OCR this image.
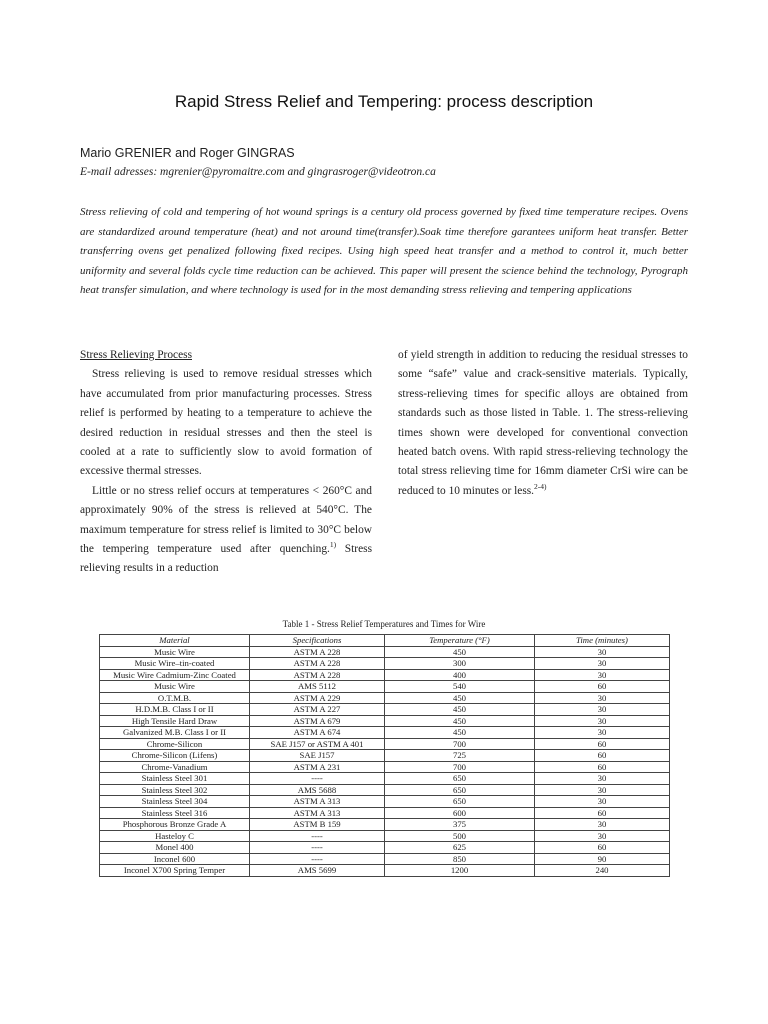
Rapid Stress Relief and Tempering: process description
Mario GRENIER and Roger GINGRAS
E-mail adresses: mgrenier@pyromaitre.com and gingrasroger@videotron.ca
Stress relieving of cold and tempering of hot wound springs is a century old process governed by fixed time temperature recipes. Ovens are standardized around temperature (heat) and not around time(transfer).Soak time therefore garantees uniform heat transfer. Better transferring ovens get penalized following fixed recipes. Using high speed heat transfer and a method to control it, much better uniformity and several folds cycle time reduction can be achieved. This paper will present the science behind the technology, Pyrograph heat transfer simulation, and where technology is used for in the most demanding stress relieving and tempering applications
Stress Relieving Process

Stress relieving is used to remove residual stresses which have accumulated from prior manufacturing processes. Stress relief is performed by heating to a temperature to achieve the desired reduction in residual stresses and then the steel is cooled at a rate to sufficiently slow to avoid formation of excessive thermal stresses.

Little or no stress relief occurs at temperatures < 260°C and approximately 90% of the stress is relieved at 540°C. The maximum temperature for stress relief is limited to 30°C below the tempering temperature used after quenching.$^{1)}$ Stress relieving results in a reduction

of yield strength in addition to reducing the residual stresses to some “safe” value and crack-sensitive materials. Typically, stress-relieving times for specific alloys are obtained from standards such as those listed in Table. 1. The stress-relieving times shown were developed for conventional convection heated batch ovens. With rapid stress-relieving technology the total stress relieving time for 16mm diameter CrSi wire can be reduced to 10 minutes or less.$^{2-4)}$

Table 1 - Stress Relief Temperatures and Times for Wire
Material	Specifications	Temperature (°F)	Time (minutes)
Music Wire	ASTM A 228	450	30
Music Wire–tin-coated	ASTM A 228	300	30
Music Wire Cadmium-Zinc Coated	ASTM A 228	400	30
Music Wire	AMS 5112	540	60
O.T.M.B.	ASTM A 229	450	30
H.D.M.B. Class I or II	ASTM A 227	450	30
High Tensile Hard Draw	ASTM A 679	450	30
Galvanized M.B. Class I or II	ASTM A 674	450	30
Chrome-Silicon	SAE J157 or ASTM A 401	700	60
Chrome-Silicon (Lifens)	SAE J157	725	60
Chrome-Vanadium	ASTM A 231	700	60
Stainless Steel 301	----	650	30
Stainless Steel 302	AMS 5688	650	30
Stainless Steel 304	ASTM A 313	650	30
Stainless Steel 316	ASTM A 313	600	60
Phosphorous Bronze Grade A	ASTM B 159	375	30
Hasteloy C	----	500	30
Monel 400	----	625	60
Inconel 600	----	850	90
Inconel X700 Spring Temper	AMS 5699	1200	240
